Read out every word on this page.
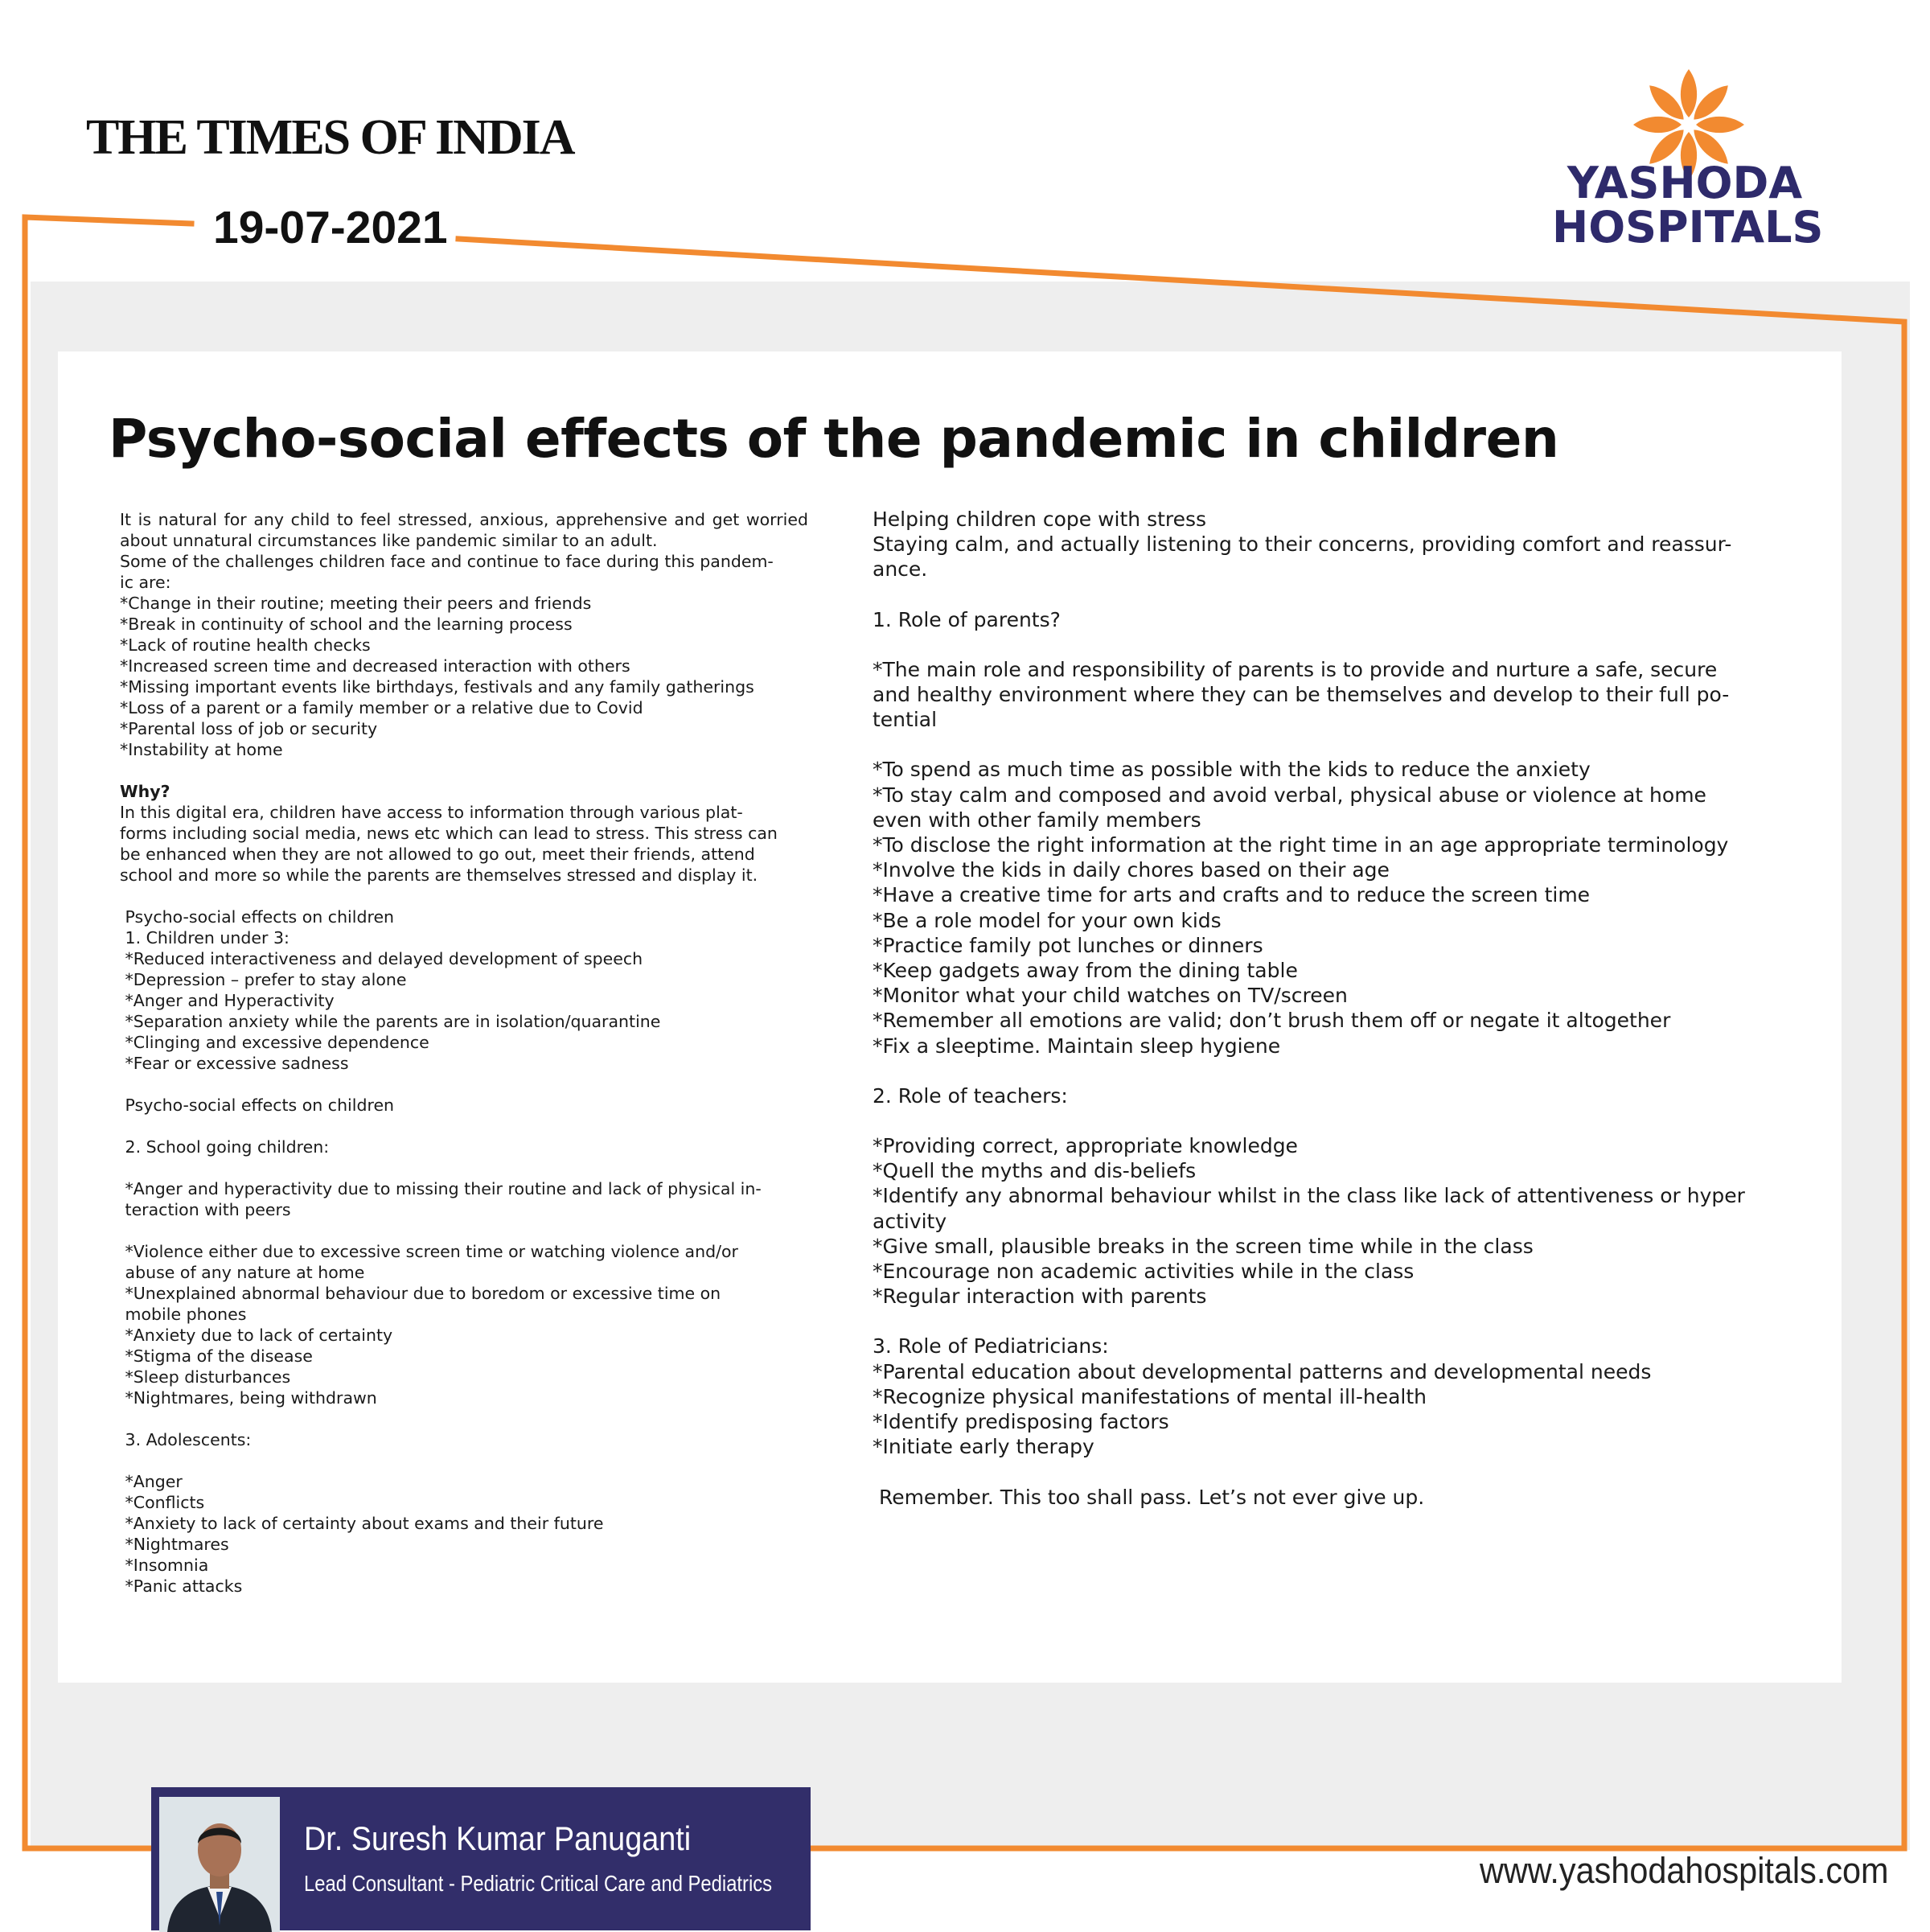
THE TIMES OF INDIA
19-07-2021
YASHODA
HOSPITALS
Psycho-social effects of the pandemic in children
It is natural for any child to feel stressed, anxious, apprehensive and get worried about unnatural circumstances like pandemic similar to an adult.
Some of the challenges children face and continue to face during this pandem-
ic are:
*Change in their routine; meeting their peers and friends
*Break in continuity of school and the learning process
*Lack of routine health checks
*Increased screen time and decreased interaction with others
*Missing important events like birthdays, festivals and any family gatherings
*Loss of a parent or a family member or a relative due to Covid
*Parental loss of job or security
*Instability at home
Why?
In this digital era, children have access to information through various plat-
forms including social media, news etc which can lead to stress. This stress can
be enhanced when they are not allowed to go out, meet their friends, attend
school and more so while the parents are themselves stressed and display it.
Psycho-social effects on children
1. Children under 3:
*Reduced interactiveness and delayed development of speech
*Depression – prefer to stay alone
*Anger and Hyperactivity
*Separation anxiety while the parents are in isolation/quarantine
*Clinging and excessive dependence
*Fear or excessive sadness
Psycho-social effects on children
2. School going children:
*Anger and hyperactivity due to missing their routine and lack of physical in-
teraction with peers
*Violence either due to excessive screen time or watching violence and/or
abuse of any nature at home
*Unexplained abnormal behaviour due to boredom or excessive time on
mobile phones
*Anxiety due to lack of certainty
*Stigma of the disease
*Sleep disturbances
*Nightmares, being withdrawn
3. Adolescents:
*Anger
*Conflicts
*Anxiety to lack of certainty about exams and their future
*Nightmares
*Insomnia
*Panic attacks
Helping children cope with stress
Staying calm, and actually listening to their concerns, providing comfort and reassur-
ance.
1. Role of parents?
*The main role and responsibility of parents is to provide and nurture a safe, secure
and healthy environment where they can be themselves and develop to their full po-
tential
*To spend as much time as possible with the kids to reduce the anxiety
*To stay calm and composed and avoid verbal, physical abuse or violence at home
even with other family members
*To disclose the right information at the right time in an age appropriate terminology
*Involve the kids in daily chores based on their age
*Have a creative time for arts and crafts and to reduce the screen time
*Be a role model for your own kids
*Practice family pot lunches or dinners
*Keep gadgets away from the dining table
*Monitor what your child watches on TV/screen
*Remember all emotions are valid; don’t brush them off or negate it altogether
*Fix a sleeptime. Maintain sleep hygiene
2. Role of teachers:
*Providing correct, appropriate knowledge
*Quell the myths and dis-beliefs
*Identify any abnormal behaviour whilst in the class like lack of attentiveness or hyper
activity
*Give small, plausible breaks in the screen time while in the class
*Encourage non academic activities while in the class
*Regular interaction with parents
3. Role of Pediatricians:
*Parental education about developmental patterns and developmental needs
*Recognize physical manifestations of mental ill-health
*Identify predisposing factors
*Initiate early therapy
Remember. This too shall pass. Let’s not ever give up.
Dr. Suresh Kumar Panuganti
Lead Consultant - Pediatric Critical Care and Pediatrics	www.yashodahospitals.com
